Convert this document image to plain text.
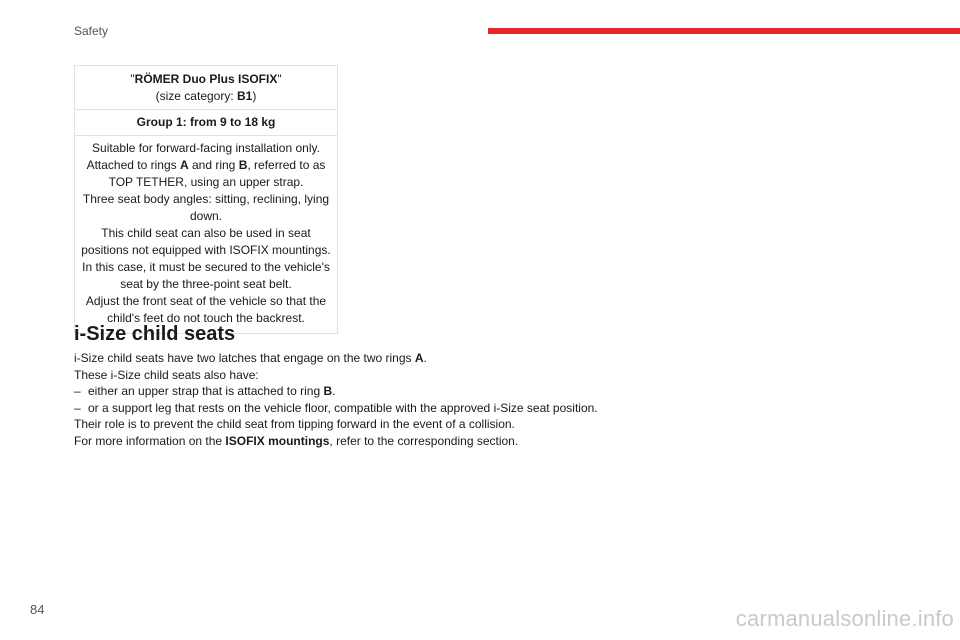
Safety
"RÖMER Duo Plus ISOFIX"
(size category: B1)
Group 1: from 9 to 18 kg

Suitable for forward-facing installation only.

Attached to rings A and ring B, referred to as TOP TETHER, using an upper strap.

Three seat body angles: sitting, reclining, lying down.

This child seat can also be used in seat positions not equipped with ISOFIX mountings. In this case, it must be secured to the vehicle's seat by the three-point seat belt.

Adjust the front seat of the vehicle so that the child's feet do not touch the backrest.

i-Size child seats

i-Size child seats have two latches that engage on the two rings A.

These i-Size child seats also have:

– either an upper strap that is attached to ring B.

– or a support leg that rests on the vehicle floor, compatible with the approved i-Size seat position.

Their role is to prevent the child seat from tipping forward in the event of a collision.

For more information on the ISOFIX mountings, refer to the corresponding section.

84	carmanualsonline.info
